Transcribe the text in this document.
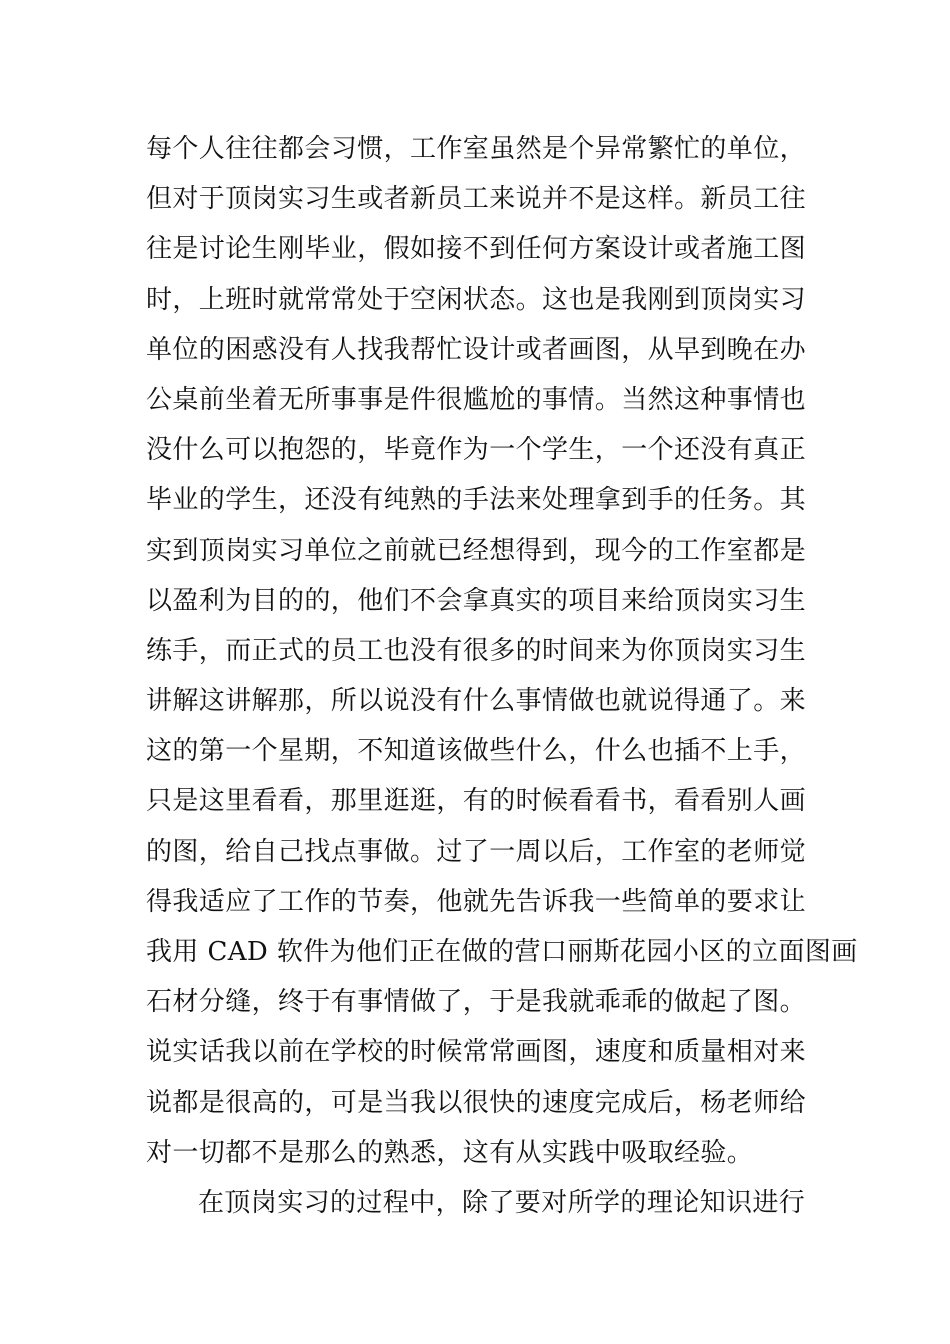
每个人往往都会习惯，工作室虽然是个异常繁忙的单位，
但对于顶岗实习生或者新员工来说并不是这样。新员工往
往是讨论生刚毕业，假如接不到任何方案设计或者施工图
时，上班时就常常处于空闲状态。这也是我刚到顶岗实习
单位的困惑没有人找我帮忙设计或者画图，从早到晚在办
公桌前坐着无所事事是件很尴尬的事情。当然这种事情也
没什么可以抱怨的，毕竟作为一个学生，一个还没有真正
毕业的学生，还没有纯熟的手法来处理拿到手的任务。其
实到顶岗实习单位之前就已经想得到，现今的工作室都是
以盈利为目的的，他们不会拿真实的项目来给顶岗实习生
练手，而正式的员工也没有很多的时间来为你顶岗实习生
讲解这讲解那，所以说没有什么事情做也就说得通了。来
这的第一个星期，不知道该做些什么，什么也插不上手，
只是这里看看，那里逛逛，有的时候看看书，看看别人画
的图，给自己找点事做。过了一周以后，工作室的老师觉
得我适应了工作的节奏，他就先告诉我一些简单的要求让
我用 CAD 软件为他们正在做的营口丽斯花园小区的立面图画
石材分缝，终于有事情做了，于是我就乖乖的做起了图。
说实话我以前在学校的时候常常画图，速度和质量相对来
说都是很高的，可是当我以很快的速度完成后，杨老师给
对一切都不是那么的熟悉，这有从实践中吸取经验。
在顶岗实习的过程中，除了要对所学的理论知识进行
